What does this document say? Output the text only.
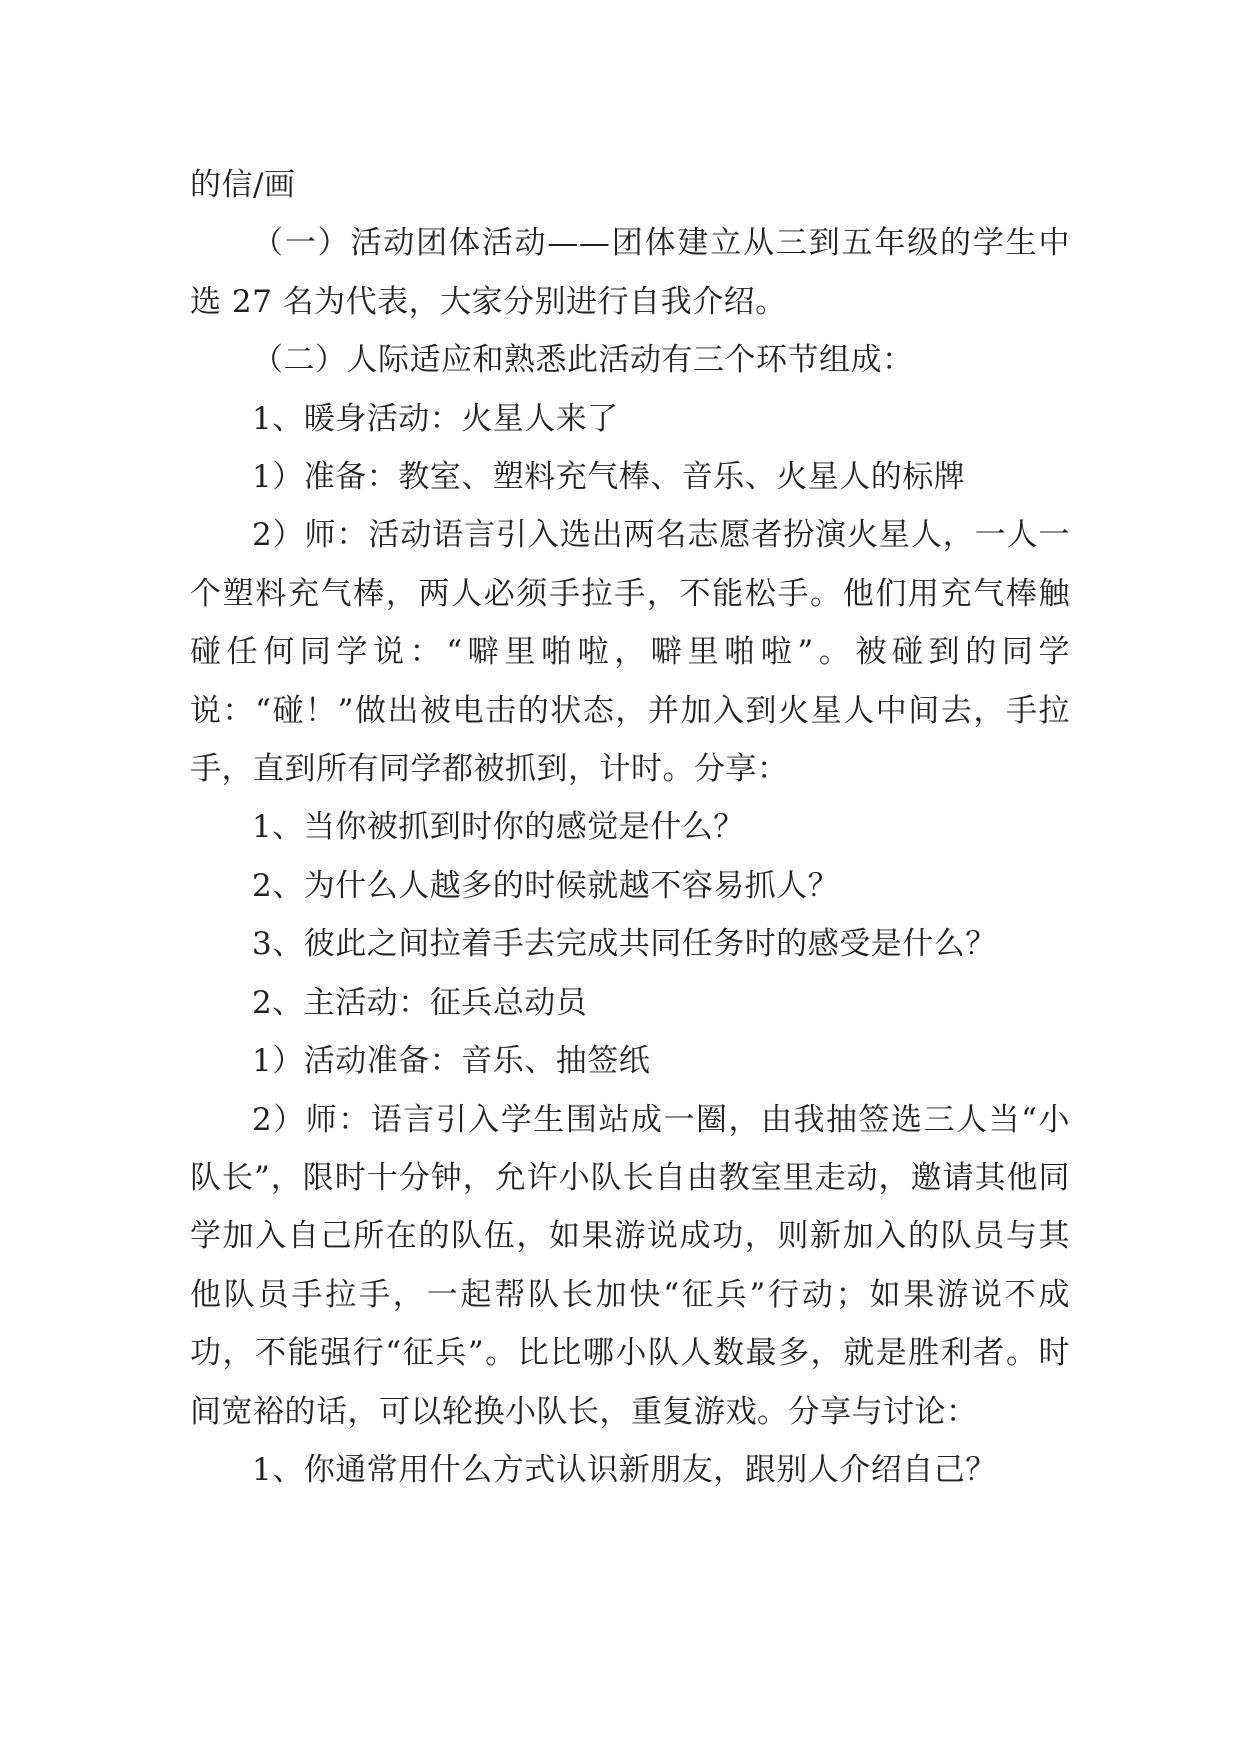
的信/画

（一）活动团体活动——团体建立从三到五年级的学生中选 27 名为代表，大家分别进行自我介绍。

（二）人际适应和熟悉此活动有三个环节组成：

1、暖身活动：火星人来了

1）准备：教室、塑料充气棒、音乐、火星人的标牌

2）师：活动语言引入选出两名志愿者扮演火星人，一人一个塑料充气棒，两人必须手拉手，不能松手。他们用充气棒触碰任何同学说：“噼里啪啦，噼里啪啦”。被碰到的同学说：“碰！”做出被电击的状态，并加入到火星人中间去，手拉手，直到所有同学都被抓到，计时。分享：

1、当你被抓到时你的感觉是什么？

2、为什么人越多的时候就越不容易抓人？

3、彼此之间拉着手去完成共同任务时的感受是什么？

2、主活动：征兵总动员

1）活动准备：音乐、抽签纸

2）师：语言引入学生围站成一圈，由我抽签选三人当“小队长”，限时十分钟，允许小队长自由教室里走动，邀请其他同学加入自己所在的队伍，如果游说成功，则新加入的队员与其他队员手拉手，一起帮队长加快“征兵”行动；如果游说不成功，不能强行“征兵”。比比哪小队人数最多，就是胜利者。时间宽裕的话，可以轮换小队长，重复游戏。分享与讨论：

1、你通常用什么方式认识新朋友，跟别人介绍自己？
